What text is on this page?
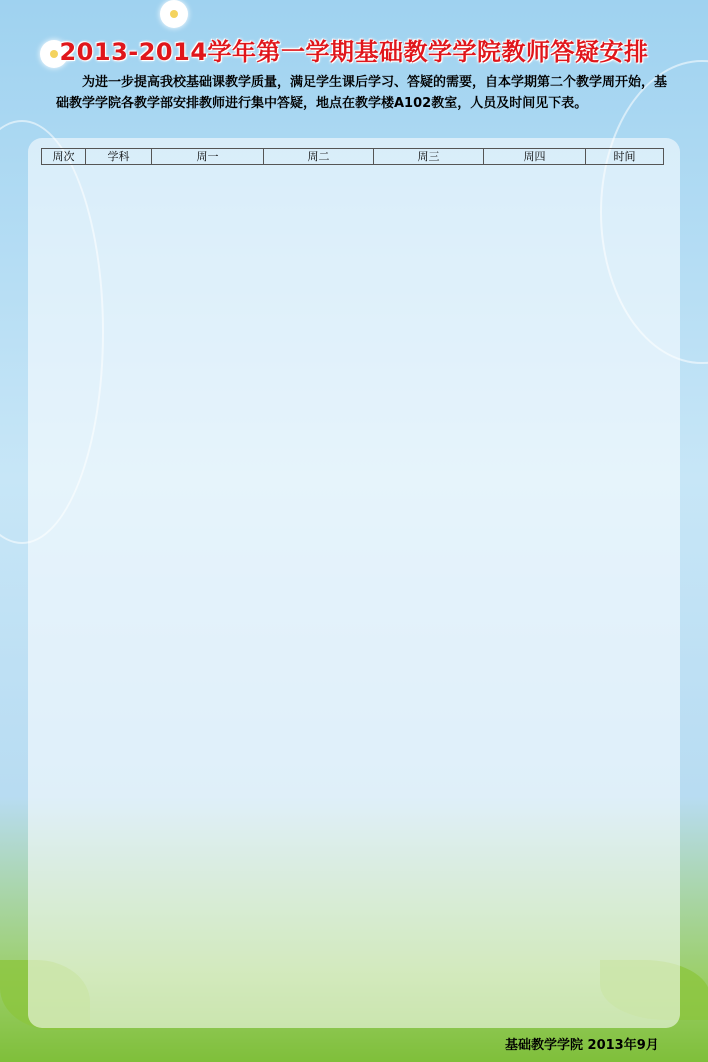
2013-2014学年第一学期基础教学学院教师答疑安排
为进一步提高我校基础课教学质量，满足学生课后学习、答疑的需要，自本学期第二个教学周开始，基础教学学院各教学部安排教师进行集中答疑，地点在教学楼A102教室，人员及时间见下表。
周次	学科	周一	周二	周三	周四	时间
基础教学学院 2013年9月
